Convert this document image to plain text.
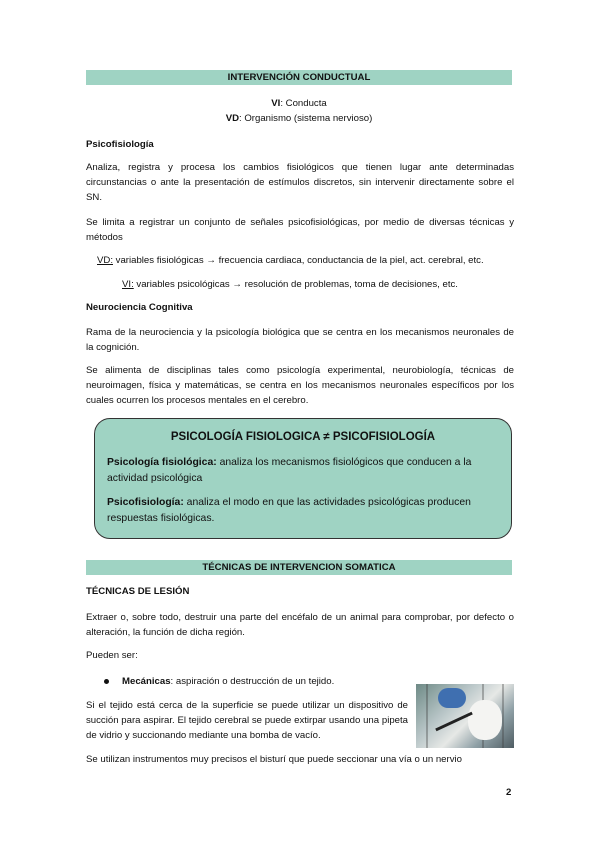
INTERVENCIÓN CONDUCTUAL
VI: Conducta
VD: Organismo (sistema nervioso)
Psicofisiología
Analiza, registra y procesa los cambios fisiológicos que tienen lugar ante determinadas circunstancias o ante la presentación de estímulos discretos, sin intervenir directamente sobre el SN.
Se limita a registrar un conjunto de señales psicofisiológicas, por medio de diversas técnicas y métodos
VD: variables fisiológicas → frecuencia cardiaca, conductancia de la piel, act. cerebral, etc.
VI: variables psicológicas → resolución de problemas, toma de decisiones, etc.
Neurociencia Cognitiva
Rama de la neurociencia y la psicología biológica que se centra en los mecanismos neuronales de la cognición.
Se alimenta de disciplinas tales como psicología experimental, neurobiología, técnicas de neuroimagen, física y matemáticas, se centra en los mecanismos neuronales específicos por los cuales ocurren los procesos mentales en el cerebro.
PSICOLOGÍA FISIOLOGICA ≠ PSICOFISIOLOGÍA
Psicología fisiológica: analiza los mecanismos fisiológicos que conducen a la actividad psicológica
Psicofisiología: analiza el modo en que las actividades psicológicas producen respuestas fisiológicas.
TÉCNICAS DE INTERVENCION SOMATICA
TÉCNICAS DE LESIÓN
Extraer o, sobre todo, destruir una parte del encéfalo de un animal para comprobar, por defecto o alteración, la función de dicha región.
Pueden ser:
Mecánicas: aspiración o destrucción de un tejido.
Si el tejido está cerca de la superficie se puede utilizar un dispositivo de succión para aspirar. El tejido cerebral se puede extirpar usando una pipeta de vidrio y succionando mediante una bomba de vacío.
Se utilizan instrumentos muy precisos el bisturí que puede seccionar una vía o un nervio
2
